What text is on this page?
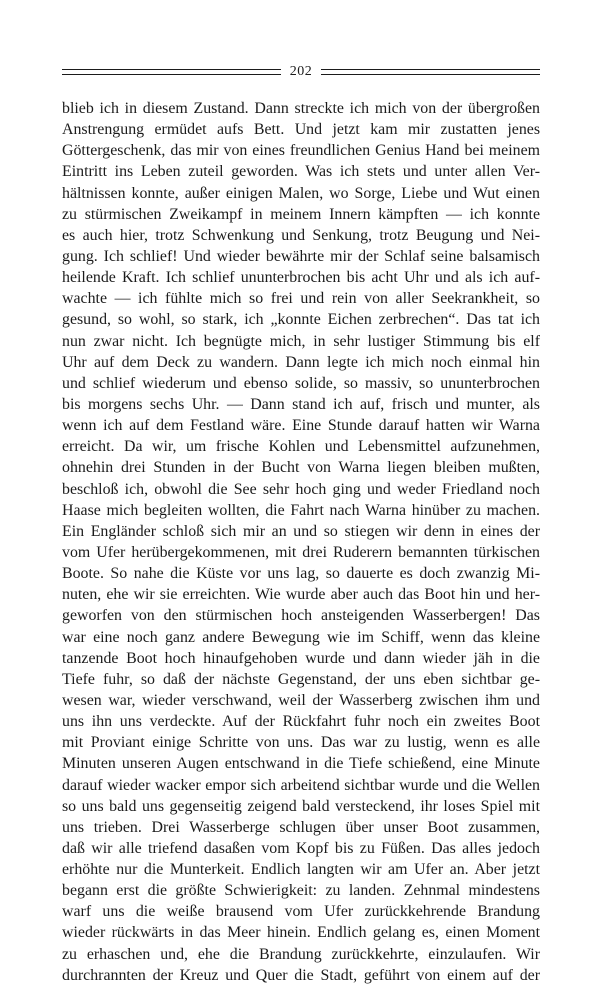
202
blieb ich in diesem Zustand. Dann streckte ich mich von der übergroßen
Anstrengung ermüdet aufs Bett. Und jetzt kam mir zustatten jenes
Göttergeschenk, das mir von eines freundlichen Genius Hand bei meinem
Eintritt ins Leben zuteil geworden. Was ich stets und unter allen Ver-
hältnissen konnte, außer einigen Malen, wo Sorge, Liebe und Wut einen
zu stürmischen Zweikampf in meinem Innern kämpften — ich konnte
es auch hier, trotz Schwenkung und Senkung, trotz Beugung und Nei-
gung. Ich schlief! Und wieder bewährte mir der Schlaf seine balsamisch
heilende Kraft. Ich schlief ununterbrochen bis acht Uhr und als ich auf-
wachte — ich fühlte mich so frei und rein von aller Seekrankheit, so
gesund, so wohl, so stark, ich „konnte Eichen zerbrechen“. Das tat ich
nun zwar nicht. Ich begnügte mich, in sehr lustiger Stimmung bis elf
Uhr auf dem Deck zu wandern. Dann legte ich mich noch einmal hin
und schlief wiederum und ebenso solide, so massiv, so ununterbrochen
bis morgens sechs Uhr. — Dann stand ich auf, frisch und munter, als
wenn ich auf dem Festland wäre. Eine Stunde darauf hatten wir Warna
erreicht. Da wir, um frische Kohlen und Lebensmittel aufzunehmen,
ohnehin drei Stunden in der Bucht von Warna liegen bleiben mußten,
beschloß ich, obwohl die See sehr hoch ging und weder Friedland noch
Haase mich begleiten wollten, die Fahrt nach Warna hinüber zu machen.
Ein Engländer schloß sich mir an und so stiegen wir denn in eines der
vom Ufer herübergekommenen, mit drei Ruderern bemannten türkischen
Boote. So nahe die Küste vor uns lag, so dauerte es doch zwanzig Mi-
nuten, ehe wir sie erreichten. Wie wurde aber auch das Boot hin und her-
geworfen von den stürmischen hoch ansteigenden Wasserbergen! Das
war eine noch ganz andere Bewegung wie im Schiff, wenn das kleine
tanzende Boot hoch hinaufgehoben wurde und dann wieder jäh in die
Tiefe fuhr, so daß der nächste Gegenstand, der uns eben sichtbar ge-
wesen war, wieder verschwand, weil der Wasserberg zwischen ihm und
uns ihn uns verdeckte. Auf der Rückfahrt fuhr noch ein zweites Boot
mit Proviant einige Schritte von uns. Das war zu lustig, wenn es alle
Minuten unseren Augen entschwand in die Tiefe schießend, eine Minute
darauf wieder wacker empor sich arbeitend sichtbar wurde und die Wellen
so uns bald uns gegenseitig zeigend bald versteckend, ihr loses Spiel mit
uns trieben. Drei Wasserberge schlugen über unser Boot zusammen,
daß wir alle triefend dasaßen vom Kopf bis zu Füßen. Das alles jedoch
erhöhte nur die Munterkeit. Endlich langten wir am Ufer an. Aber jetzt
begann erst die größte Schwierigkeit: zu landen. Zehnmal mindestens
warf uns die weiße brausend vom Ufer zurückkehrende Brandung
wieder rückwärts in das Meer hinein. Endlich gelang es, einen Moment
zu erhaschen und, ehe die Brandung zurückkehrte, einzulaufen. Wir
durchrannten der Kreuz und Quer die Stadt, geführt von einem auf der
